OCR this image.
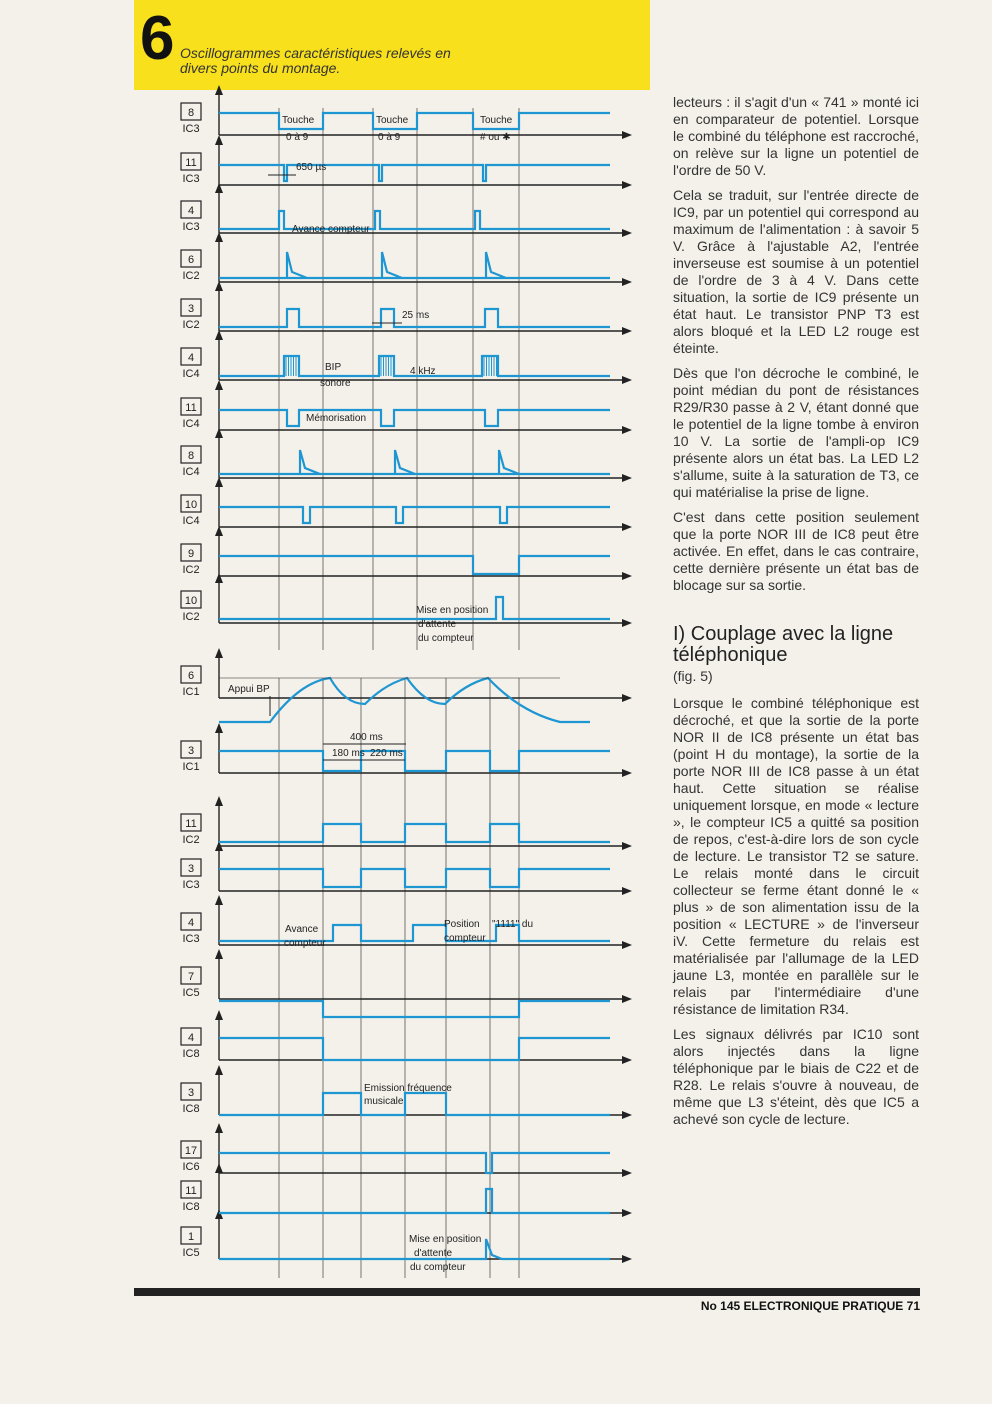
6 Oscillogrammes caractéristiques relevés en divers points du montage.
8
IC3
11
IC3
4
IC3
6
IC2
3
IC2
4
IC4
11
IC4
8
IC4
10
IC4
9
IC2
10
IC2
6
IC1
3
IC1
11
IC2
3
IC3
4
IC3
7
IC5
4
IC8
3
IC8
17
IC6
11
IC8
1
IC5
Touche
0 à 9
Touche
0 à 9
Touche
# ou ✱
650 µs
Avance compteur
25 ms
BIP
sonore
4 kHz
Mémorisation
Mise en position
d'attente
du compteur
Appui BP
400 ms
180 ms 220 ms
Avance
compteur
Position "1111" du
compteur
Emission fréquence
musicale
Mise en position
d'attente
du compteur

lecteurs : il s'agit d'un « 741 » monté ici en comparateur de potentiel. Lorsque le combiné du téléphone est raccroché, on relève sur la ligne un potentiel de l'ordre de 50 V.

Cela se traduit, sur l'entrée directe de IC9, par un potentiel qui correspond au maximum de l'alimentation : à savoir 5 V. Grâce à l'ajustable A2, l'entrée inverseuse est soumise à un potentiel de l'ordre de 3 à 4 V. Dans cette situation, la sortie de IC9 présente un état haut. Le transistor PNP T3 est alors bloqué et la LED L2 rouge est éteinte.

Dès que l'on décroche le combiné, le point médian du pont de résistances R29/R30 passe à 2 V, étant donné que le potentiel de la ligne tombe à environ 10 V. La sortie de l'ampli-op IC9 présente alors un état bas. La LED L2 s'allume, suite à la saturation de T3, ce qui matérialise la prise de ligne.

C'est dans cette position seulement que la porte NOR III de IC8 peut être activée. En effet, dans le cas contraire, cette dernière présente un état bas de blocage sur sa sortie.

I) Couplage avec la ligne téléphonique
(fig. 5)

Lorsque le combiné téléphonique est décroché, et que la sortie de la porte NOR II de IC8 présente un état bas (point H du montage), la sortie de la porte NOR III de IC8 passe à un état haut. Cette situation se réalise uniquement lorsque, en mode « lecture », le compteur IC5 a quitté sa position de repos, c'est-à-dire lors de son cycle de lecture. Le transistor T2 se sature. Le relais monté dans le circuit collecteur se ferme étant donné le « plus » de son alimentation issu de la position « LECTURE » de l'inverseur iV. Cette fermeture du relais est matérialisée par l'allumage de la LED jaune L3, montée en parallèle sur le relais par l'intermédiaire d'une résistance de limitation R34.

Les signaux délivrés par IC10 sont alors injectés dans la ligne téléphonique par le biais de C22 et de R28. Le relais s'ouvre à nouveau, de même que L3 s'éteint, dès que IC5 a achevé son cycle de lecture.

No 145 ELECTRONIQUE PRATIQUE 71
